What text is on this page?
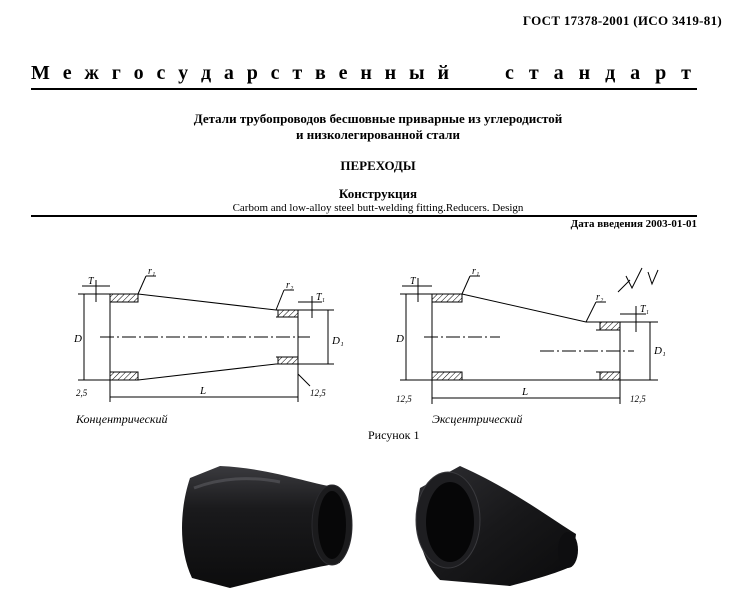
ГОСТ 17378-2001 (ИСО 3419-81)
М е ж г о с у д а р с т в е н н ы й	с т а н д а р т
Детали трубопроводов бесшовные приварные из углеродистой
и низколегированной стали
ПЕРЕХОДЫ
Конструкция
Carbom and low-alloy steel butt-welding fitting.Reducers. Design
Дата введения 2003-01-01
D	D₁
L
T
T₁
r₁
r₂
2,5	12,5
D
D₁
L
T
T₁
r₁
r₂
12,5	12,5
Концентрический	Эксцентрический
Рисунок 1
